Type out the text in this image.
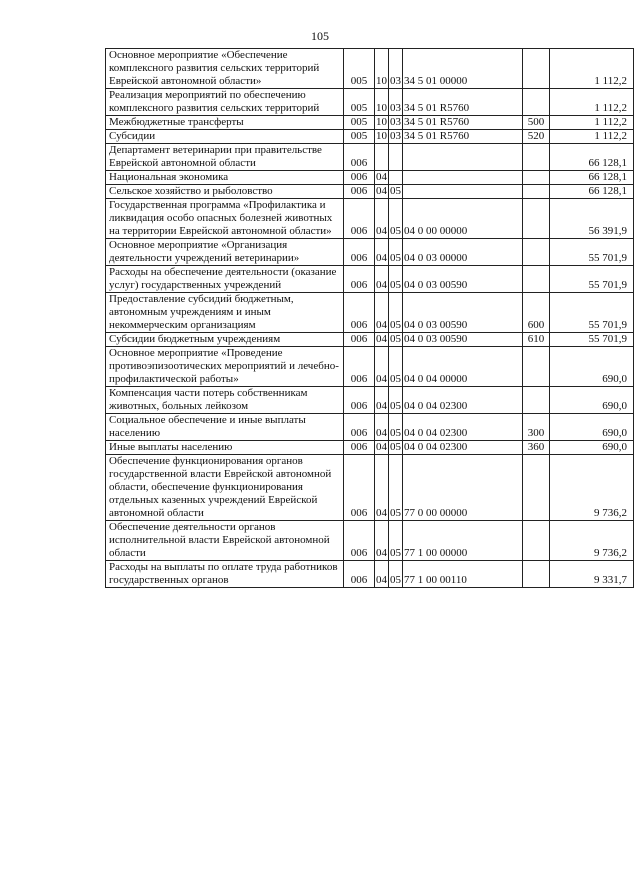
105
Основное мероприятие «Обеспечение комплексного развития сельских территорий Еврейской автономной области»	005	10	03	34 5 01 00000		1 112,2
Реализация мероприятий по обеспечению комплексного развития сельских территорий	005	10	03	34 5 01 R5760		1 112,2
Межбюджетные трансферты	005	10	03	34 5 01 R5760	500	1 112,2
Субсидии	005	10	03	34 5 01 R5760	520	1 112,2
Департамент ветеринарии при правительстве Еврейской автономной области	006					66 128,1
Национальная экономика	006	04				66 128,1
Сельское хозяйство и рыболовство	006	04	05			66 128,1
Государственная программа «Профилактика и ликвидация особо опасных болезней животных на территории Еврейской автономной области»	006	04	05	04 0 00 00000		56 391,9
Основное мероприятие «Организация деятельности учреждений ветеринарии»	006	04	05	04 0 03 00000		55 701,9
Расходы на обеспечение деятельности (оказание услуг) государственных учреждений	006	04	05	04 0 03 00590		55 701,9
Предоставление субсидий бюджетным, автономным учреждениям и иным некоммерческим организациям	006	04	05	04 0 03 00590	600	55 701,9
Субсидии бюджетным учреждениям	006	04	05	04 0 03 00590	610	55 701,9
Основное мероприятие «Проведение противоэпизоотических мероприятий и лечебно-профилактической работы»	006	04	05	04 0 04 00000		690,0
Компенсация части потерь собственникам животных, больных лейкозом	006	04	05	04 0 04 02300		690,0
Социальное обеспечение и иные выплаты населению	006	04	05	04 0 04 02300	300	690,0
Иные выплаты населению	006	04	05	04 0 04 02300	360	690,0
Обеспечение функционирования органов государственной власти Еврейской автономной области, обеспечение функционирования отдельных казенных учреждений Еврейской автономной области	006	04	05	77 0 00 00000		9 736,2
Обеспечение деятельности органов исполнительной власти Еврейской автономной области	006	04	05	77 1 00 00000		9 736,2
Расходы на выплаты по оплате труда работников государственных органов	006	04	05	77 1 00 00110		9 331,7
